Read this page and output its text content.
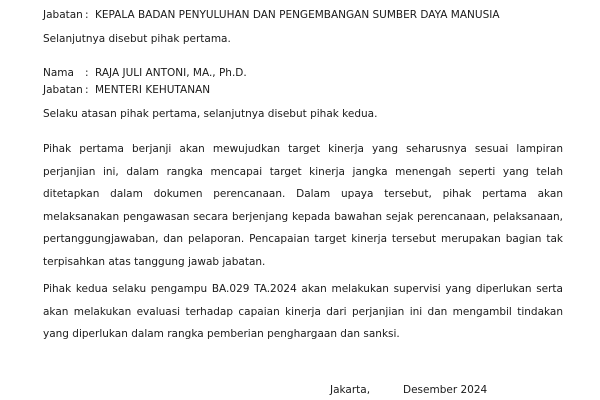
Jabatan : KEPALA BADAN PENYULUHAN DAN PENGEMBANGAN SUMBER DAYA MANUSIA
Selanjutnya disebut pihak pertama.
Nama	: RAJA JULI ANTONI, MA., Ph.D.
Jabatan : MENTERI KEHUTANAN
Selaku atasan pihak pertama, selanjutnya disebut pihak kedua.
Pihak pertama berjanji akan mewujudkan target kinerja yang seharusnya sesuai lampiran perjanjian ini, dalam rangka mencapai target kinerja jangka menengah seperti yang telah ditetapkan dalam dokumen perencanaan. Dalam upaya tersebut, pihak pertama akan melaksanakan pengawasan secara berjenjang kepada bawahan sejak perencanaan, pelaksanaan, pertanggungjawaban, dan pelaporan. Pencapaian target kinerja tersebut merupakan bagian tak terpisahkan atas tanggung jawab jabatan.
Pihak kedua selaku pengampu BA.029 TA.2024 akan melakukan supervisi yang diperlukan serta akan melakukan evaluasi terhadap capaian kinerja dari perjanjian ini dan mengambil tindakan yang diperlukan dalam rangka pemberian penghargaan dan sanksi.
Jakarta,	Desember 2024
